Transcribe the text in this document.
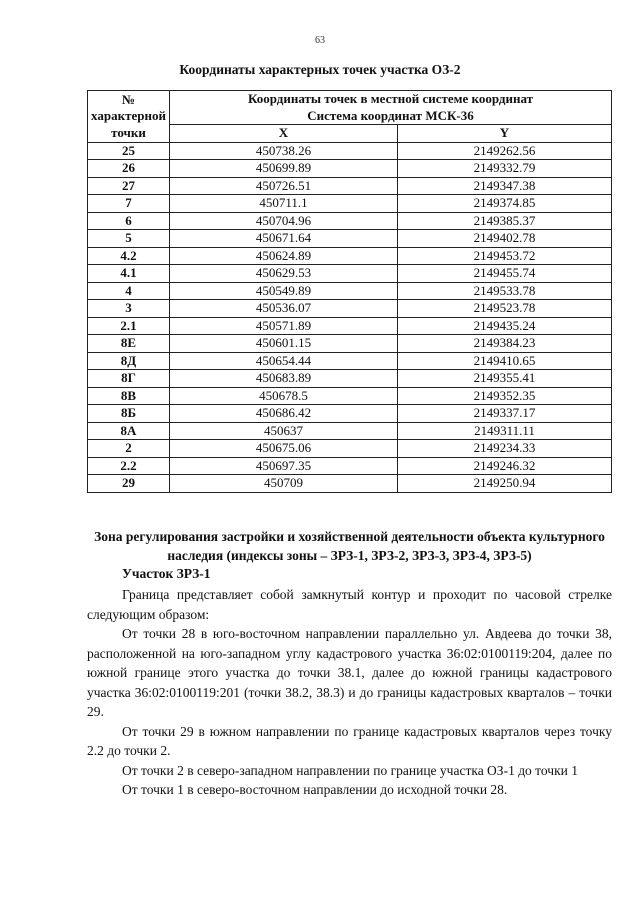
63
Координаты характерных точек участка ОЗ-2
№ характерной точки	Координаты точек в местной системе координат
Система координат МСК-36	

	X	Y
25	450738.26	2149262.56
26	450699.89	2149332.79
27	450726.51	2149347.38
7	450711.1	2149374.85
6	450704.96	2149385.37
5	450671.64	2149402.78
4.2	450624.89	2149453.72
4.1	450629.53	2149455.74
4	450549.89	2149533.78
3	450536.07	2149523.78
2.1	450571.89	2149435.24
8Е	450601.15	2149384.23
8Д	450654.44	2149410.65
8Г	450683.89	2149355.41
8В	450678.5	2149352.35
8Б	450686.42	2149337.17
8А	450637	2149311.11
2	450675.06	2149234.33
2.2	450697.35	2149246.32
29	450709	2149250.94
Зона регулирования застройки и хозяйственной деятельности объекта культурного наследия (индексы зоны – ЗРЗ-1, ЗРЗ-2, ЗРЗ-3, ЗРЗ-4, ЗРЗ-5)
Участок ЗРЗ-1

Граница представляет собой замкнутый контур и проходит по часовой стрелке следующим образом:

От точки 28 в юго-восточном направлении параллельно ул. Авдеева до точки 38, расположенной на юго-западном углу кадастрового участка 36:02:0100119:204, далее по южной границе этого участка до точки 38.1, далее до южной границы кадастрового участка 36:02:0100119:201 (точки 38.2, 38.3) и до границы кадастровых кварталов – точки 29.

От точки 29 в южном направлении по границе кадастровых кварталов через точку 2.2 до точки 2.

От точки 2 в северо-западном направлении по границе участка ОЗ-1 до точки 1

От точки 1 в северо-восточном направлении до исходной точки 28.
